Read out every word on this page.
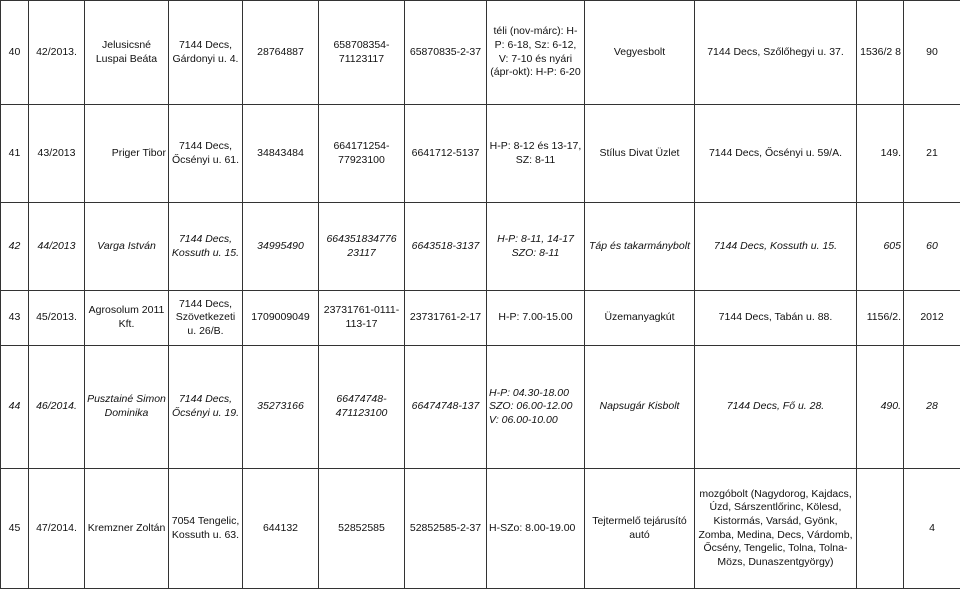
40	42/2013.	Jelusicsné Luspai Beáta	7144 Decs, Gárdonyi u. 4.	28764887	658708354-71123117	65870835-2-37	téli (nov-márc): H-P: 6-18, Sz: 6-12, V: 7-10 és nyári (ápr-okt): H-P: 6-20	Vegyesbolt	7144 Decs, Szőlőhegyi u. 37.	1536/2 8	90
41	43/2013	Priger Tibor	7144 Decs, Őcsényi u. 61.	34843484	664171254-77923100	6641712-5137	H-P: 8-12 és 13-17, SZ: 8-11	Stílus Divat Üzlet	7144 Decs, Őcsényi u. 59/A.	149.	21
42	44/2013	Varga István	7144 Decs, Kossuth u. 15.	34995490	664351834776 23117	6643518-3137	H-P: 8-11, 14-17 SZO: 8-11	Táp és takarmánybolt	7144 Decs, Kossuth u. 15.	605	60
43	45/2013.	Agrosolum 2011 Kft.	7144 Decs, Szövetkezeti u. 26/B.	1709009049	23731761-0111-113-17	23731761-2-17	H-P: 7.00-15.00	Üzemanyagkút	7144 Decs, Tabán u. 88.	1156/2.	2012
44	46/2014.	Pusztainé Simon Dominika	7144 Decs, Őcsényi u. 19.	35273166	66474748-471123100	66474748-137	H-P: 04.30-18.00 SZO: 06.00-12.00 V: 06.00-10.00	Napsugár Kisbolt	7144 Decs, Fő u. 28.	490.	28
45	47/2014.	Kremzner Zoltán	7054 Tengelic, Kossuth u. 63.	644132	52852585	52852585-2-37	H-SZo: 8.00-19.00	Tejtermelő tejárusító autó	mozgóbolt (Nagydorog, Kajdacs, Úzd, Sárszentlőrinc, Kölesd, Kistormás, Varsád, Gyönk, Zomba, Medina, Decs, Várdomb, Őcsény, Tengelic, Tolna, Tolna-Mözs, Dunaszentgyörgy)		4
